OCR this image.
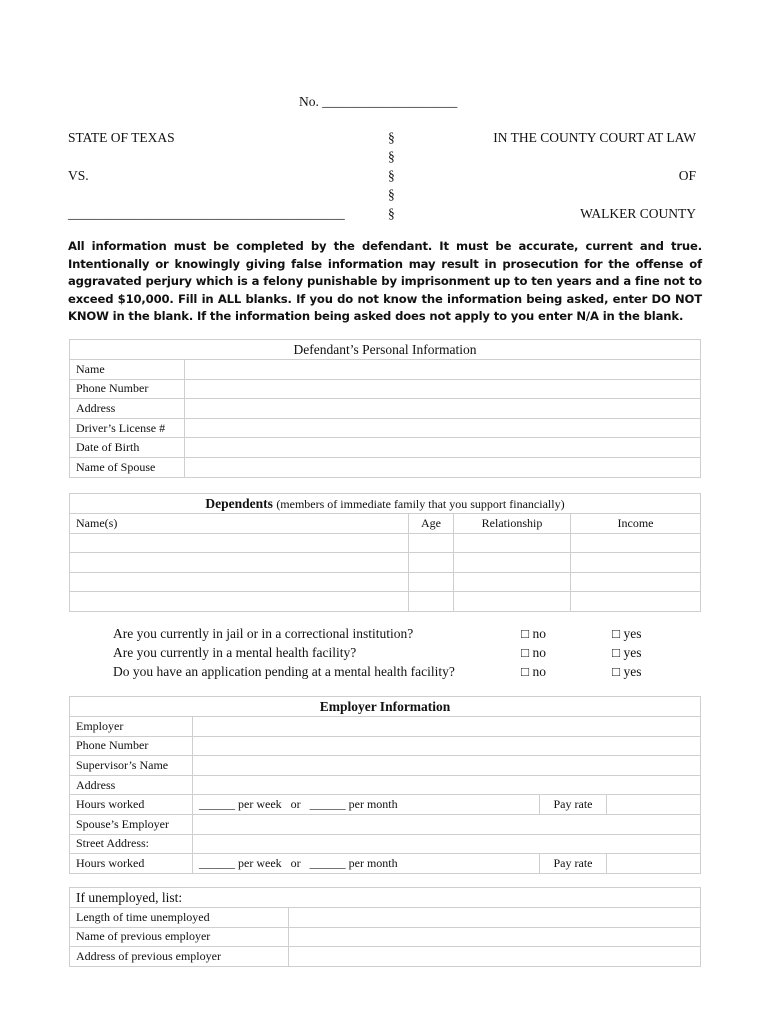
No. ____________________
STATE OF TEXAS
VS.
_________________________________________
§
§
§
§
§
IN THE COUNTY COURT AT LAW
OF
WALKER COUNTY
All information must be completed by the defendant. It must be accurate, current and true. Intentionally or knowingly giving false information may result in prosecution for the offense of aggravated perjury which is a felony punishable by imprisonment up to ten years and a fine not to exceed $10,000. Fill in ALL blanks. If you do not know the information being asked, enter DO NOT KNOW in the blank. If the information being asked does not apply to you enter N/A in the blank.
Defendant’s Personal Information	
Name	
Phone Number	
Address	
Driver’s License #	
Date of Birth	
Name of Spouse	
Dependents (members of immediate family that you support financially)			
Name(s)	Age	Relationship	Income

Are you currently in jail or in a correctional institution?	□ no	□ yes
Are you currently in a mental health facility?	□ no	□ yes
Do you have an application pending at a mental health facility?	□ no	□ yes
Employer Information			
Employer			
Phone Number			
Supervisor’s Name			
Address			
Hours worked	______ per week or ______ per month	Pay rate	
Spouse’s Employer			
Street Address:			
Hours worked	______ per week or ______ per month	Pay rate	
If unemployed, list:	
Length of time unemployed	
Name of previous employer	
Address of previous employer	
